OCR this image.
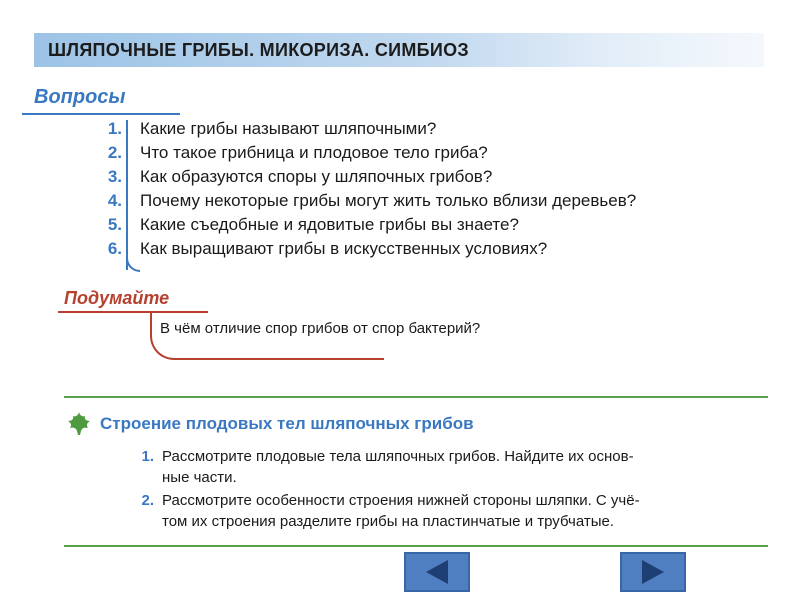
ШЛЯПОЧНЫЕ ГРИБЫ. МИКОРИЗА. СИМБИОЗ
Вопросы
1. Какие грибы называют шляпочными?
2. Что такое грибница и плодовое тело гриба?
3. Как образуются споры у шляпочных грибов?
4. Почему некоторые грибы могут жить только вблизи деревьев?
5. Какие съедобные и ядовитые грибы вы знаете?
6. Как выращивают грибы в искусственных условиях?
Подумайте
В чём отличие спор грибов от спор бактерий?
Строение плодовых тел шляпочных грибов
1. Рассмотрите плодовые тела шляпочных грибов. Найдите их основ-
ные части.
2. Рассмотрите особенности строения нижней стороны шляпки. С учё-
том их строения разделите грибы на пластинчатые и трубчатые.
